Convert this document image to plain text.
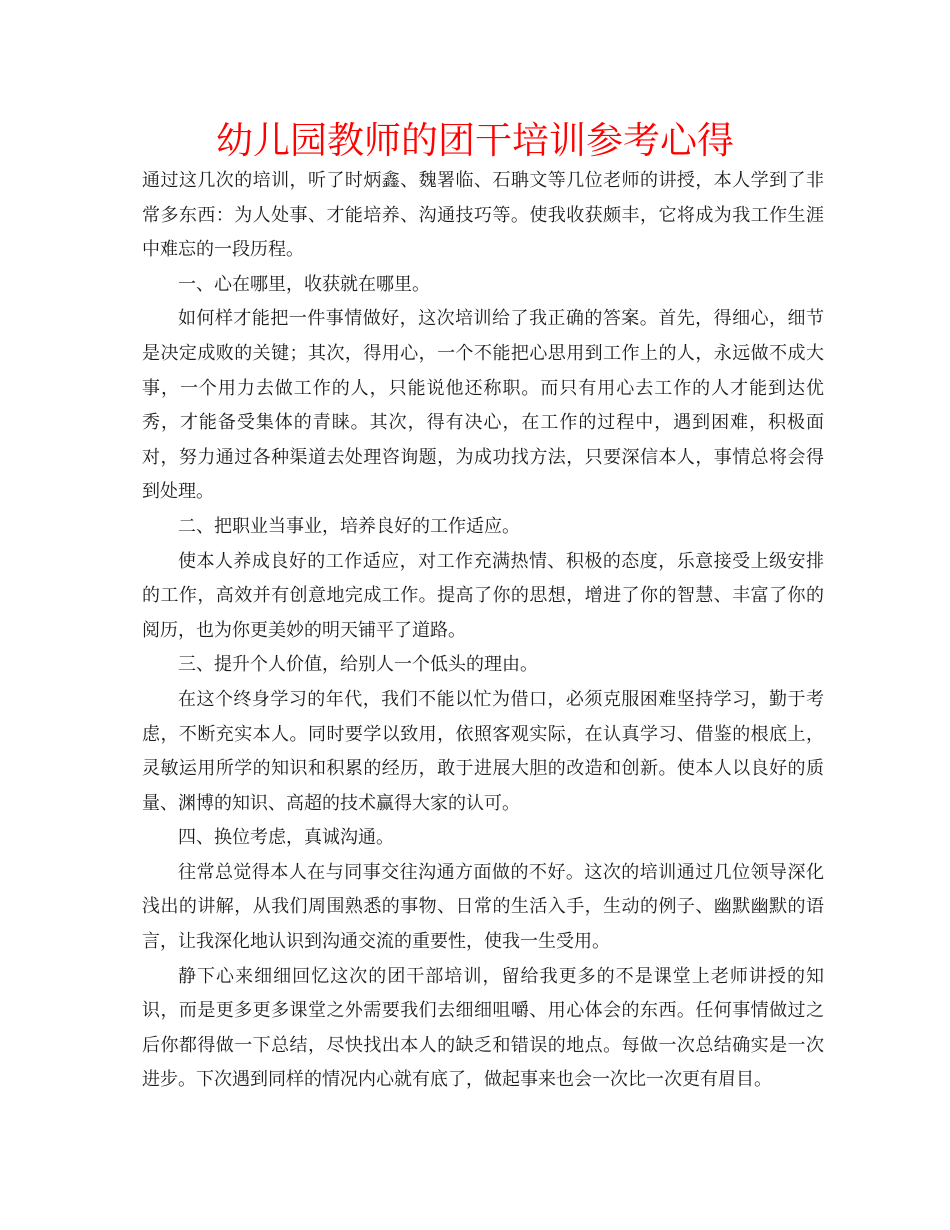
幼儿园教师的团干培训参考心得

通过这几次的培训，听了时炳鑫、魏署临、石聃文等几位老师的讲授，本人学到了非常多东西：为人处事、才能培养、沟通技巧等。使我收获颇丰，它将成为我工作生涯中难忘的一段历程。

一、心在哪里，收获就在哪里。

如何样才能把一件事情做好，这次培训给了我正确的答案。首先，得细心，细节是决定成败的关键；其次，得用心，一个不能把心思用到工作上的人，永远做不成大事，一个用力去做工作的人，只能说他还称职。而只有用心去工作的人才能到达优秀，才能备受集体的青睐。其次，得有决心，在工作的过程中，遇到困难，积极面对，努力通过各种渠道去处理咨询题，为成功找方法，只要深信本人，事情总将会得到处理。

二、把职业当事业，培养良好的工作适应。

使本人养成良好的工作适应，对工作充满热情、积极的态度，乐意接受上级安排的工作，高效并有创意地完成工作。提高了你的思想，增进了你的智慧、丰富了你的阅历，也为你更美妙的明天铺平了道路。

三、提升个人价值，给别人一个低头的理由。

在这个终身学习的年代，我们不能以忙为借口，必须克服困难坚持学习，勤于考虑，不断充实本人。同时要学以致用，依照客观实际，在认真学习、借鉴的根底上，灵敏运用所学的知识和积累的经历，敢于进展大胆的改造和创新。使本人以良好的质量、渊博的知识、高超的技术赢得大家的认可。

四、换位考虑，真诚沟通。

往常总觉得本人在与同事交往沟通方面做的不好。这次的培训通过几位领导深化浅出的讲解，从我们周围熟悉的事物、日常的生活入手，生动的例子、幽默幽默的语言，让我深化地认识到沟通交流的重要性，使我一生受用。

静下心来细细回忆这次的团干部培训，留给我更多的不是课堂上老师讲授的知识，而是更多更多课堂之外需要我们去细细咀嚼、用心体会的东西。任何事情做过之后你都得做一下总结，尽快找出本人的缺乏和错误的地点。每做一次总结确实是一次进步。下次遇到同样的情况内心就有底了，做起事来也会一次比一次更有眉目。
